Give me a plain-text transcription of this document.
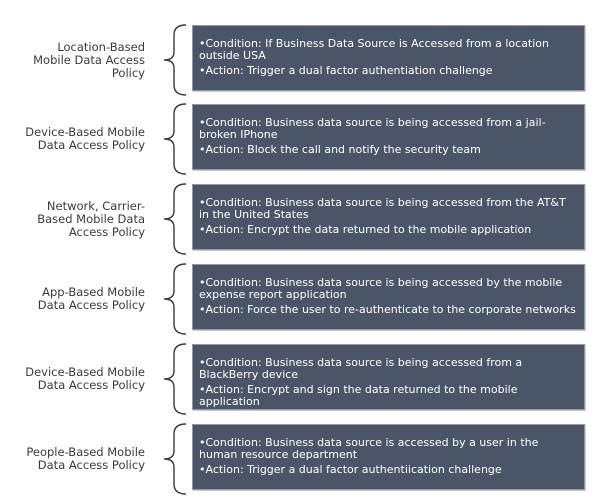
Location-Based
Mobile Data Access
Policy
•Condition: If Business Data Source is Accessed from a location outside USA
•Action: Trigger a dual factor authentiation challenge
Device-Based Mobile
Data Access Policy
•Condition: Business data source is being accessed from a jail-broken IPhone
•Action: Block the call and notify the security team
Network, Carrier-
Based Mobile Data
Access Policy
•Condition: Business data source is being accessed from the AT&T in the United States
•Action: Encrypt the data returned to the mobile application
App-Based Mobile
Data Access Policy
•Condition: Business data source is being accessed by the mobile expense report application
•Action: Force the user to re-authenticate to the corporate networks
Device-Based Mobile
Data Access Policy
•Condition: Business data source is being accessed from a BlackBerry device
•Action: Encrypt and sign the data returned to the mobile application
People-Based Mobile
Data Access Policy
•Condition: Business data source is accessed by a user in the human resource department
•Action: Trigger a dual factor authentiication challenge
